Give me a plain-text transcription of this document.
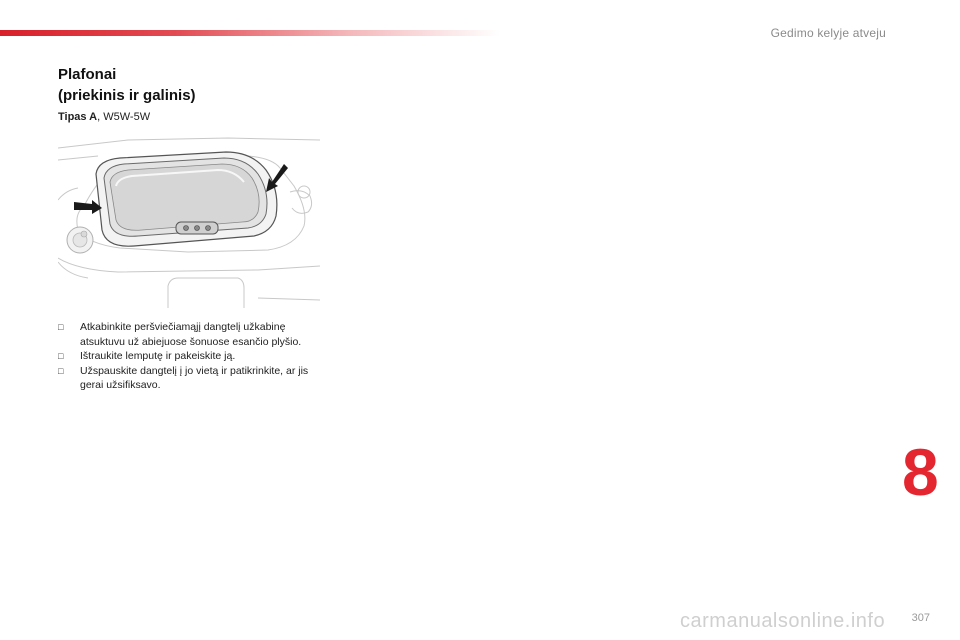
Gedimo kelyje atveju
Plafonai
(priekinis ir galinis)
Tipas A, W5W-5W
□ Atkabinkite peršviečiamąjį dangtelį užkabinę atsuktuvu už abiejuose šonuose esančio plyšio.
□ Ištraukite lemputę ir pakeiskite ją.
□ Užspauskite dangtelį į jo vietą ir patikrinkite, ar jis gerai užsifiksavo.
8
307
carmanualsonline.info
